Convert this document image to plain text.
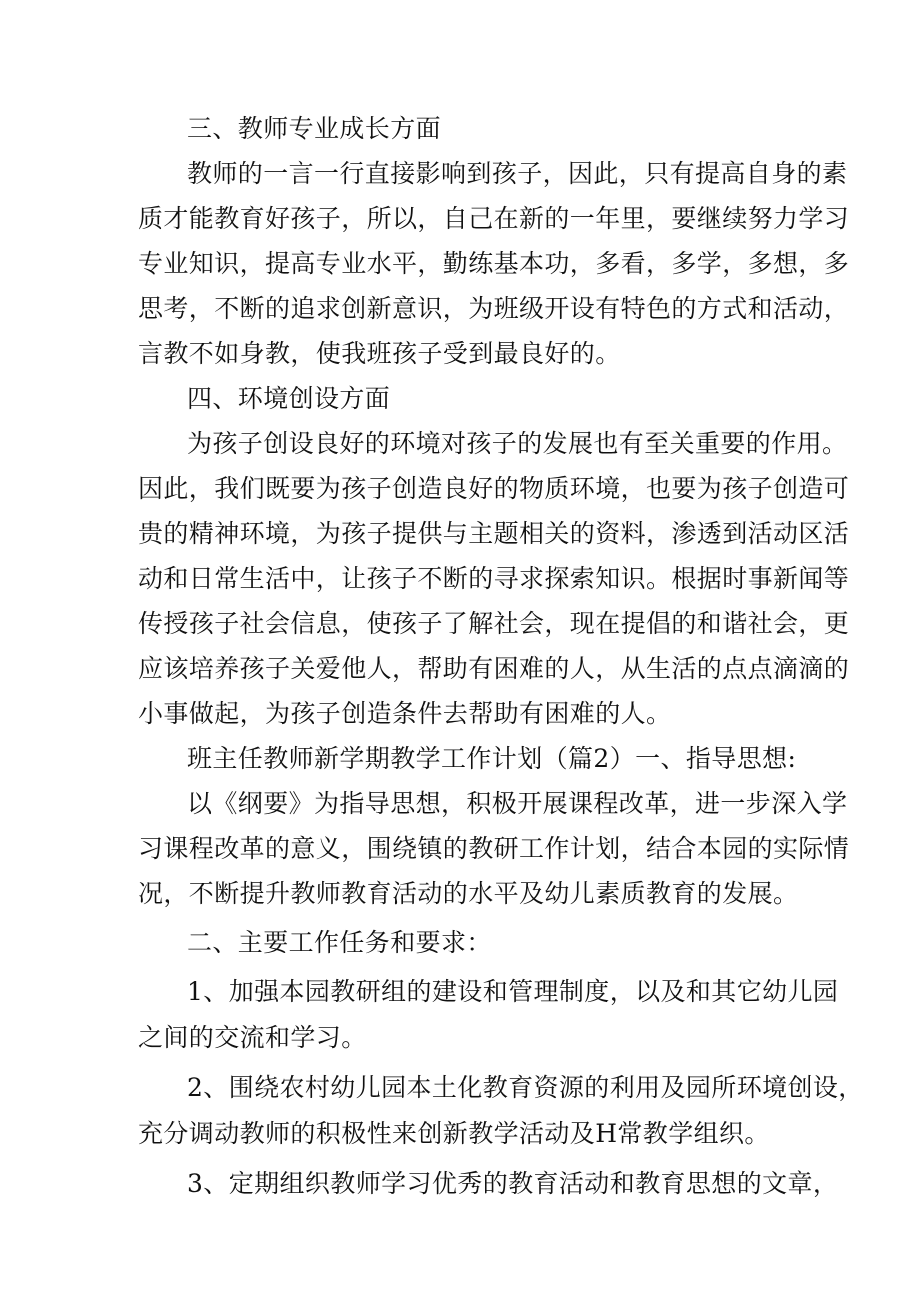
三、教师专业成长方面
教师的一言一行直接影响到孩子，因此，只有提高自身的素
质才能教育好孩子，所以，自己在新的一年里，要继续努力学习
专业知识，提高专业水平，勤练基本功，多看，多学，多想，多
思考，不断的追求创新意识，为班级开设有特色的方式和活动，
言教不如身教，使我班孩子受到最良好的。
四、环境创设方面
为孩子创设良好的环境对孩子的发展也有至关重要的作用。
因此，我们既要为孩子创造良好的物质环境，也要为孩子创造可
贵的精神环境，为孩子提供与主题相关的资料，渗透到活动区活
动和日常生活中，让孩子不断的寻求探索知识。根据时事新闻等
传授孩子社会信息，使孩子了解社会，现在提倡的和谐社会，更
应该培养孩子关爱他人，帮助有困难的人，从生活的点点滴滴的
小事做起，为孩子创造条件去帮助有困难的人。
班主任教师新学期教学工作计划（篇2）一、指导思想:
以《纲要》为指导思想，积极开展课程改革，进一步深入学
习课程改革的意义，围绕镇的教研工作计划，结合本园的实际情
况，不断提升教师教育活动的水平及幼儿素质教育的发展。
二、主要工作任务和要求：
1、加强本园教研组的建设和管理制度，以及和其它幼儿园
之间的交流和学习。
2、围绕农村幼儿园本土化教育资源的利用及园所环境创设，
充分调动教师的积极性来创新教学活动及H常教学组织。
3、定期组织教师学习优秀的教育活动和教育思想的文章，
